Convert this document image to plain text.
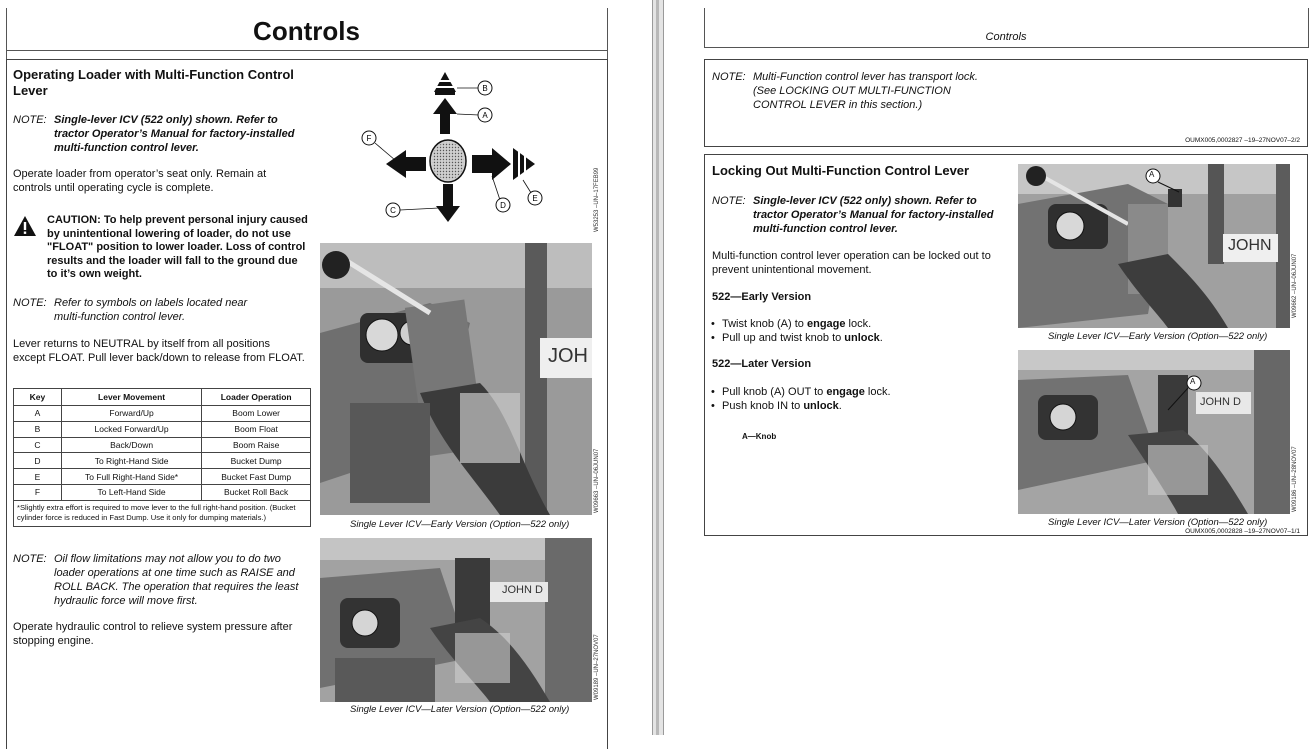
Controls
Operating Loader with Multi-Function Control Lever
NOTE: Single-lever ICV (522 only) shown. Refer to tractor Operator’s Manual for factory-installed multi-function control lever.
Operate loader from operator’s seat only. Remain at controls until operating cycle is complete.
CAUTION: To help prevent personal injury caused by unintentional lowering of loader, do not use "FLOAT" position to lower loader. Loss of control results and the loader will fall to the ground due to it’s own weight.
NOTE: Refer to symbols on labels located near multi-function control lever.
Lever returns to NEUTRAL by itself from all positions except FLOAT. Pull lever back/down to release from FLOAT.
Key	Lever Movement	Loader Operation
A	Forward/Up	Boom Lower
B	Locked Forward/Up	Boom Float
C	Back/Down	Boom Raise
D	To Right-Hand Side	Bucket Dump
E	To Full Right-Hand Side*	Bucket Fast Dump
F	To Left-Hand Side	Bucket Roll Back
*Slightly extra effort is required to move lever to the full right-hand position. (Bucket cylinder force is reduced in Fast Dump. Use it only for dumping materials.)		
NOTE: Oil flow limitations may not allow you to do two loader operations at one time such as RAISE and ROLL BACK. The operation that requires the least hydraulic force will move first.
Operate hydraulic control to relieve system pressure after stopping engine.
B
A
C
D
E
F
W53253 –UN–17FEB99
JOH
W09663 –UN–06JUN07
Single Lever ICV—Early Version (Option—522 only)
JOHN D
W09189 –UN–27NOV07
Single Lever ICV—Later Version (Option—522 only)
Controls
NOTE: Multi-Function control lever has transport lock. (See LOCKING OUT MULTI-FUNCTION CONTROL LEVER in this section.)
OUMX005,0002827 –19–27NOV07–2/2
Locking Out Multi-Function Control Lever
NOTE: Single-lever ICV (522 only) shown. Refer to tractor Operator’s Manual for factory-installed multi-function control lever.
Multi-function control lever operation can be locked out to prevent unintentional movement.
522—Early Version
• Twist knob (A) to engage lock.
• Pull up and twist knob to unlock.
522—Later Version
• Pull knob (A) OUT to engage lock.
• Push knob IN to unlock.
A—Knob
A
JOHN
W09662 –UN–06JUN07
Single Lever ICV—Early Version (Option—522 only)
A
JOHN D
W09186 –UN–28NOV07
Single Lever ICV—Later Version (Option—522 only)
OUMX005,0002828 –19–27NOV07–1/1
